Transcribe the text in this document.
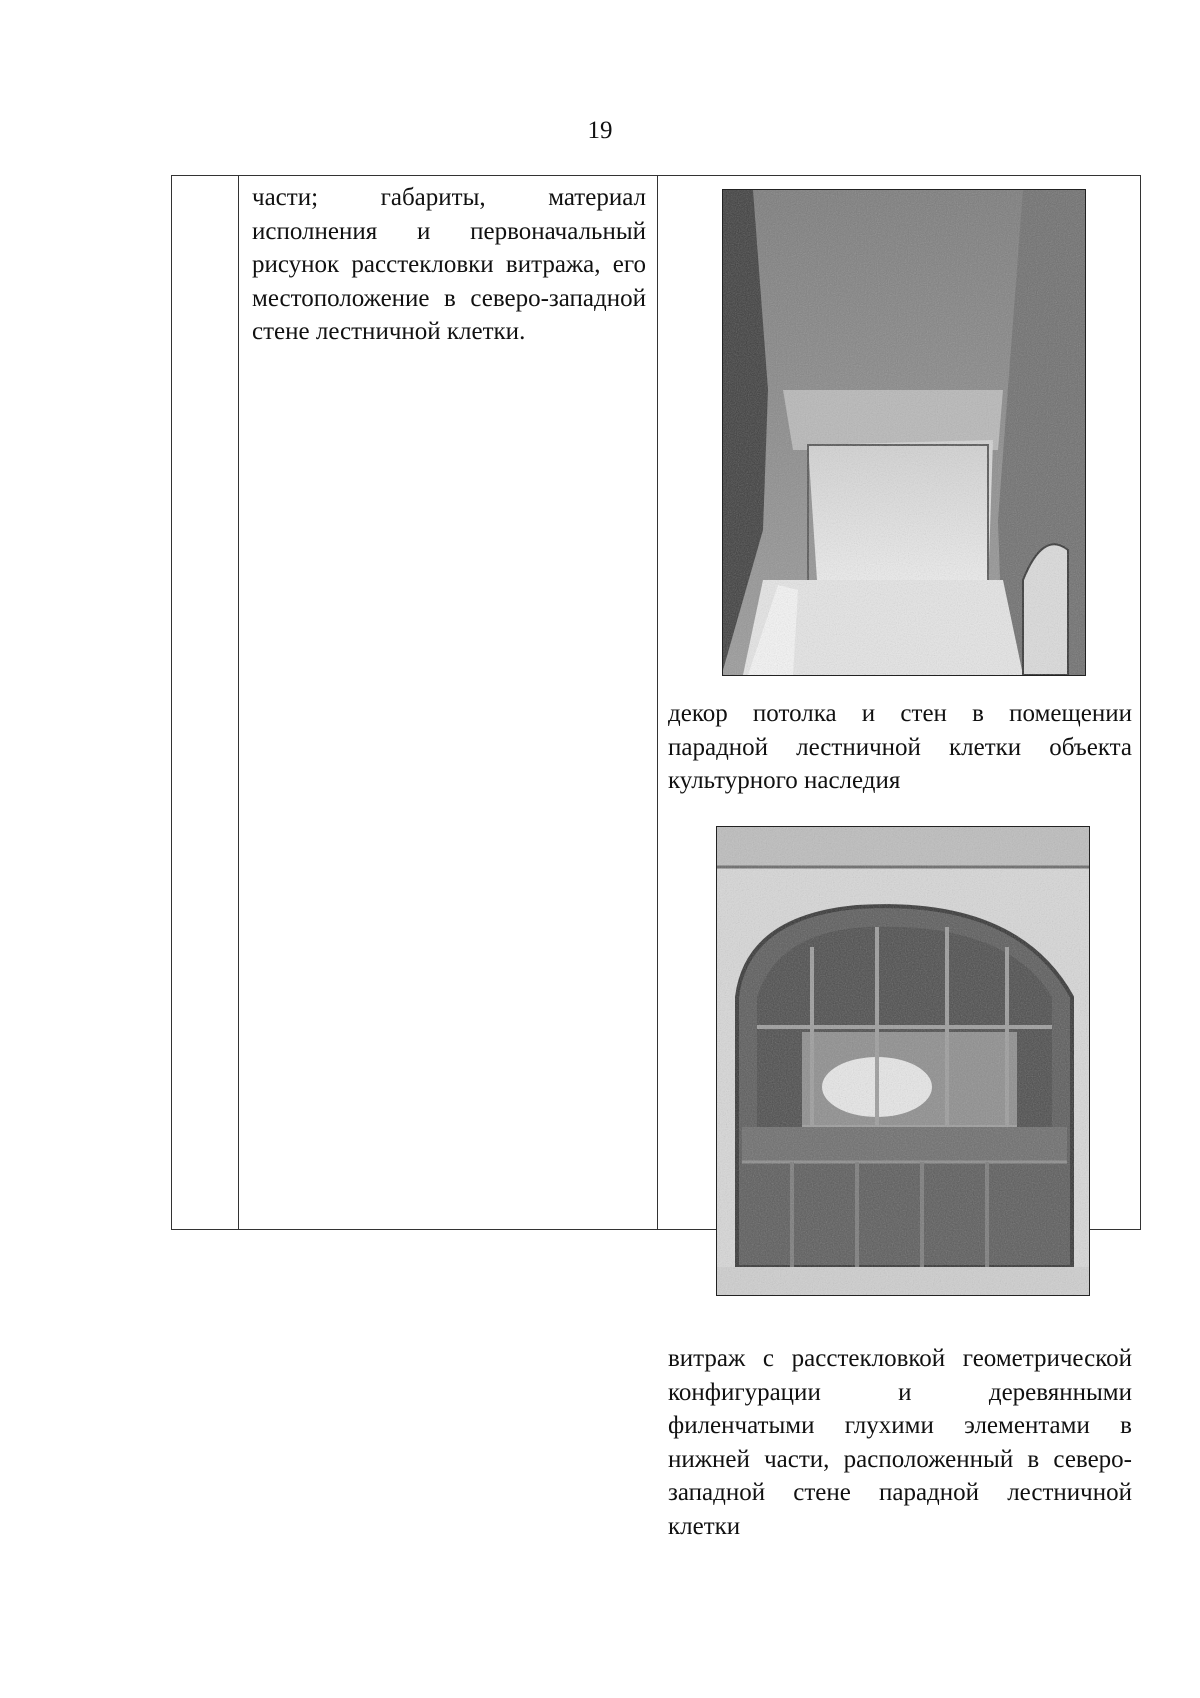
19
части; габариты, материал исполнения и первоначальный рисунок расстекловки витража, его местоположение в северо-западной стене лестничной клетки.
декор потолка и стен в помещении парадной лестничной клетки объекта культурного наследия
витраж с расстекловкой геометрической конфигурации и деревянными филенчатыми глухими элементами в нижней части, расположенный в северо-западной стене парадной лестничной клетки
